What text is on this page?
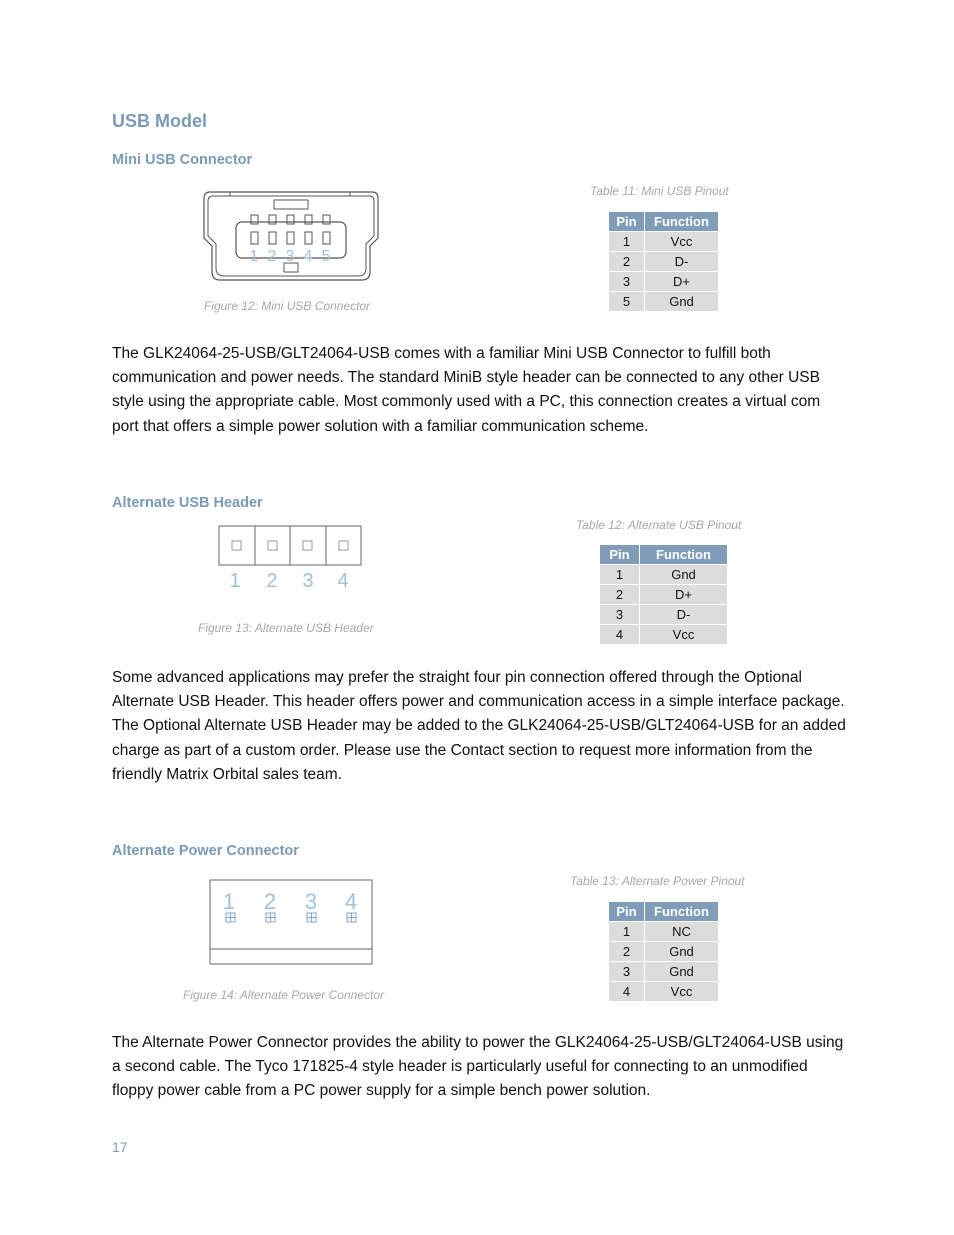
USB Model
Mini USB Connector
1 2 3 4 5
Figure 12: Mini USB Connector
Table 11: Mini USB Pinout
Pin	Function
1	Vcc
2	D-
3	D+
5	Gnd

The GLK24064-25-USB/GLT24064-USB comes with a familiar Mini USB Connector to fulfill both communication and power needs. The standard MiniB style header can be connected to any other USB style using the appropriate cable. Most commonly used with a PC, this connection creates a virtual com port that offers a simple power solution with a familiar communication scheme.

Alternate USB Header
1 2 3 4
Figure 13: Alternate USB Header
Table 12: Alternate USB Pinout
Pin	Function
1	Gnd
2	D+
3	D-
4	Vcc

Some advanced applications may prefer the straight four pin connection offered through the Optional Alternate USB Header. This header offers power and communication access in a simple interface package. The Optional Alternate USB Header may be added to the GLK24064-25-USB/GLT24064-USB for an added charge as part of a custom order. Please use the Contact section to request more information from the friendly Matrix Orbital sales team.

Alternate Power Connector
1 2 3 4
Figure 14: Alternate Power Connector
Table 13: Alternate Power Pinout
Pin	Function
1	NC
2	Gnd
3	Gnd
4	Vcc

The Alternate Power Connector provides the ability to power the GLK24064-25-USB/GLT24064-USB using a second cable. The Tyco 171825-4 style header is particularly useful for connecting to an unmodified floppy power cable from a PC power supply for a simple bench power solution.

17
